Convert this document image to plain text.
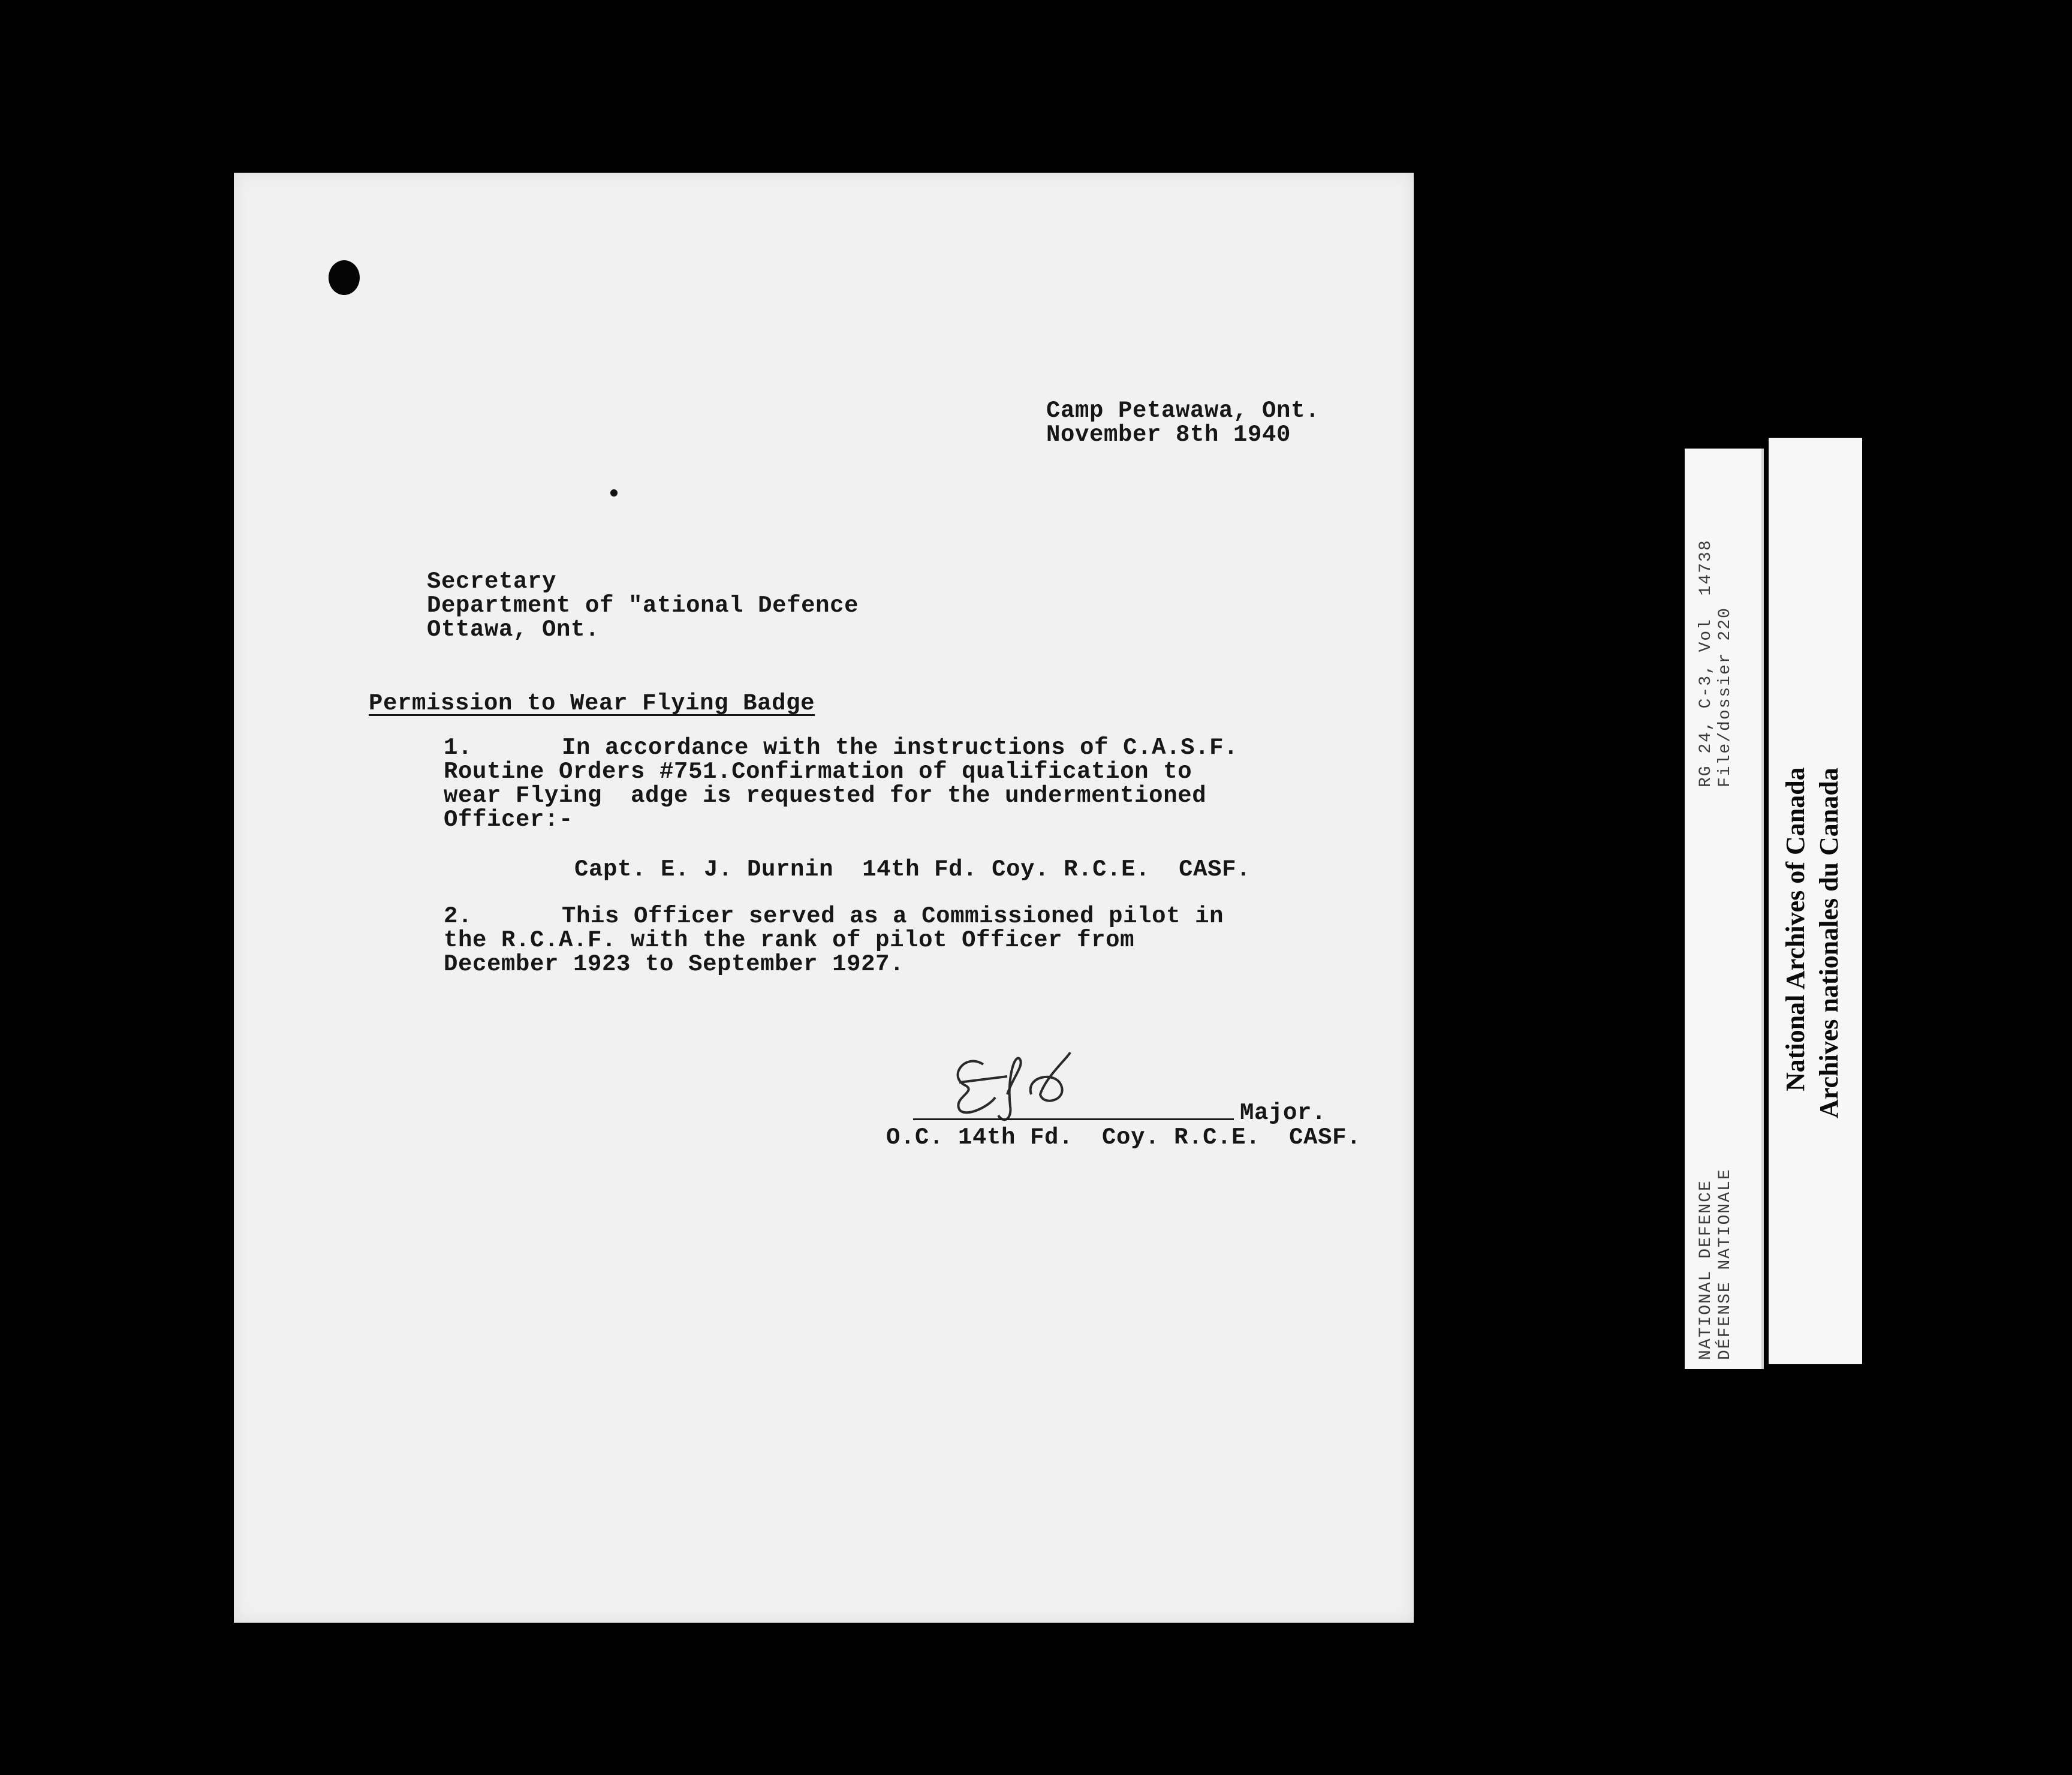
Camp Petawawa, Ont.
November 8th 1940
Secretary
Department of "ational Defence
Ottawa, Ont.
Permission to Wear Flying Badge
1.	In accordance with the instructions of C.A.S.F.
Routine Orders #751.Confirmation of qualification to
wear Flying  adge is requested for the undermentioned
Officer:-
Capt. E. J. Durnin  14th Fd. Coy. R.C.E.  CASF.
2.	This Officer served as a Commissioned pilot in
the R.C.A.F. with the rank of pilot Officer from
December 1923 to September 1927.
Major.
O.C. 14th Fd.  Coy. R.C.E.  CASF.
RG 24, C-3, Vol  14738 File/dossier 220
NATIONAL DEFENCE DÉFENSE NATIONALE
National Archives of Canada Archives nationales du Canada
